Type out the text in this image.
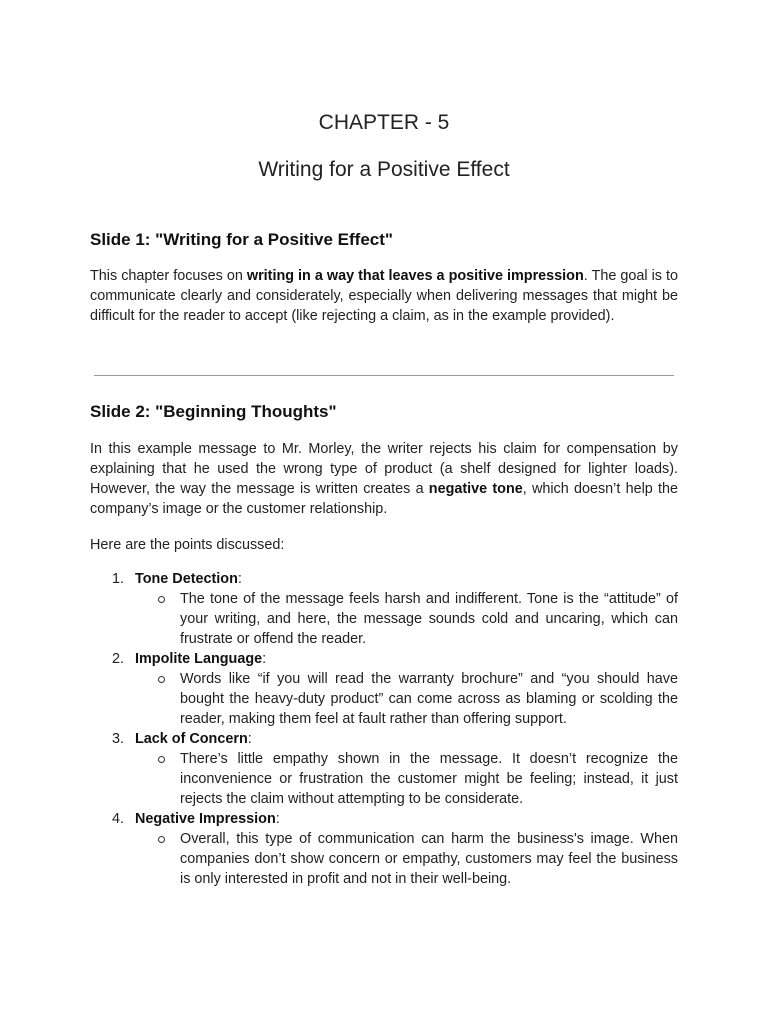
CHAPTER - 5
Writing for a Positive Effect
Slide 1: "Writing for a Positive Effect"

This chapter focuses on writing in a way that leaves a positive impression. The goal is to communicate clearly and considerately, especially when delivering messages that might be difficult for the reader to accept (like rejecting a claim, as in the example provided).

Slide 2: "Beginning Thoughts"

In this example message to Mr. Morley, the writer rejects his claim for compensation by explaining that he used the wrong type of product (a shelf designed for lighter loads). However, the way the message is written creates a negative tone, which doesn’t help the company’s image or the customer relationship.

Here are the points discussed:

1. Tone Detection:
The tone of the message feels harsh and indifferent. Tone is the “attitude” of your writing, and here, the message sounds cold and uncaring, which can frustrate or offend the reader.
2. Impolite Language:
Words like “if you will read the warranty brochure” and “you should have bought the heavy-duty product” can come across as blaming or scolding the reader, making them feel at fault rather than offering support.
3. Lack of Concern:
There’s little empathy shown in the message. It doesn’t recognize the inconvenience or frustration the customer might be feeling; instead, it just rejects the claim without attempting to be considerate.
4. Negative Impression:
Overall, this type of communication can harm the business's image. When companies don’t show concern or empathy, customers may feel the business is only interested in profit and not in their well-being.
